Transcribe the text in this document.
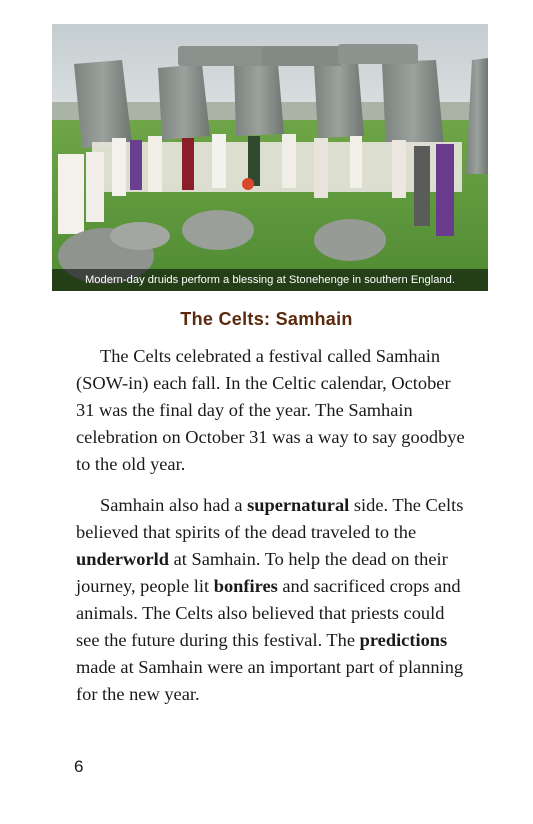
Modern-day druids perform a blessing at Stonehenge in southern England.
The Celts: Samhain

The Celts celebrated a festival called Samhain (SOW-in) each fall. In the Celtic calendar, October 31 was the final day of the year. The Samhain celebration on October 31 was a way to say goodbye to the old year.

Samhain also had a supernatural side. The Celts believed that spirits of the dead traveled to the underworld at Samhain. To help the dead on their journey, people lit bonfires and sacrificed crops and animals. The Celts also believed that priests could see the future during this festival. The predictions made at Samhain were an important part of planning for the new year.

6
